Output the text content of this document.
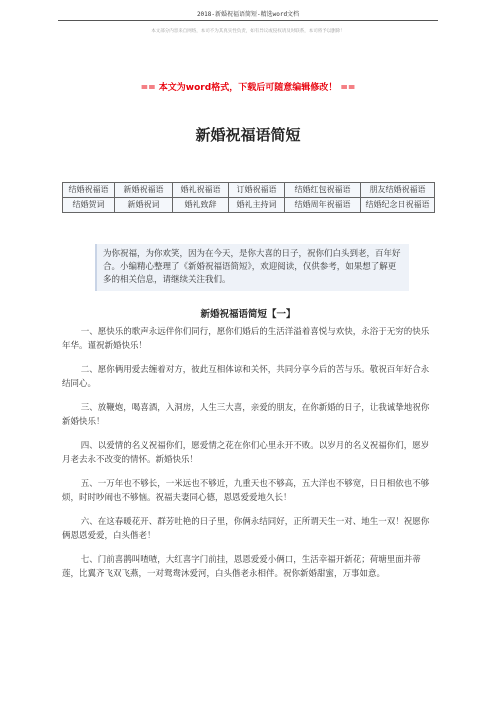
2018-新婚祝福语简短-精选word文档
本文部分内容来自网络，本司不为其真实性负责，如有异议或侵权请及时联系，本司将予以删除！
== 本文为word格式，下载后可随意编辑修改！ ==
新婚祝福语简短
结婚祝福语	新婚祝福语	婚礼祝福语	订婚祝福语	结婚红包祝福语	朋友结婚祝福语
结婚贺词	新婚祝词	婚礼致辞	婚礼主持词	结婚周年祝福语	结婚纪念日祝福语
为你祝福，为你欢笑，因为在今天，是你大喜的日子，祝你们白头到老，百年好合。小编精心整理了《新婚祝福语简短》，欢迎阅读，仅供参考，如果想了解更多的相关信息，请继续关注我们。
新婚祝福语简短【一】

一、愿快乐的歌声永远伴你们同行，愿你们婚后的生活洋溢着喜悦与欢快，永浴于无穷的快乐年华。谨祝新婚快乐！

二、愿你俩用爱去缠着对方，彼此互相体谅和关怀，共同分享今后的苦与乐。敬祝百年好合永结同心。

三、放鞭炮，喝喜酒，入洞房，人生三大喜，亲爱的朋友，在你新婚的日子，让我诚挚地祝你新婚快乐！

四、以爱情的名义祝福你们，愿爱情之花在你们心里永开不败。以岁月的名义祝福你们，愿岁月老去永不改变的情怀。新婚快乐！

五、一万年也不够长，一米远也不够近，九重天也不够高，五大洋也不够宽，日日相依也不够烦，时时吵闹也不够恼。祝福夫妻同心德，恩恩爱爱地久长！

六、在这春暖花开、群芳吐艳的日子里，你俩永结同好，正所谓天生一对、地生一双！祝愿你俩恩恩爱爱，白头偕老！

七、门前喜鹊叫喳喳，大红喜字门前挂，恩恩爱爱小俩口，生活幸福开新花；荷塘里面并蒂莲，比翼齐飞双飞燕，一对鸳鸯沐爱河，白头偕老永相伴。祝你新婚甜蜜，万事如意。
